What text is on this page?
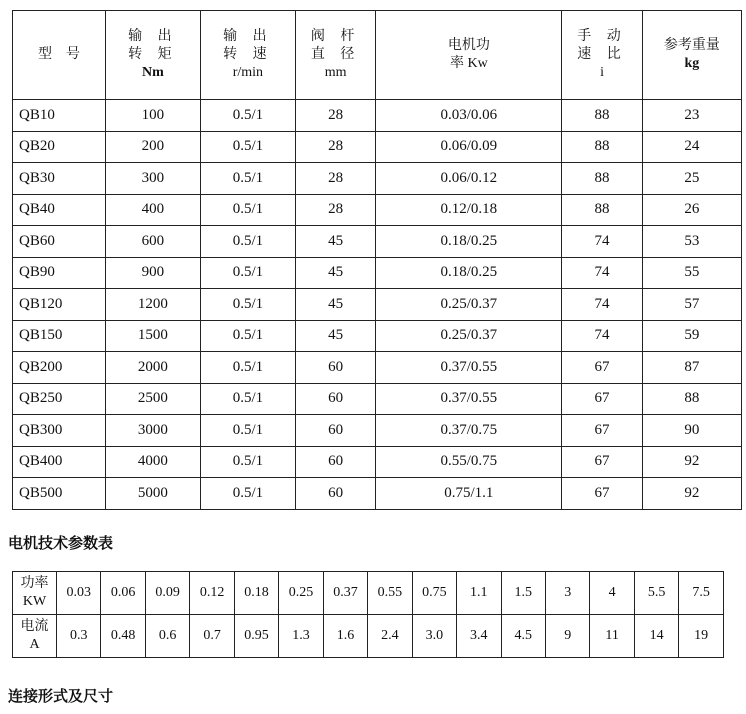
型　号	输 出
转 矩
Nm	输 出
转 速
r/min	阀 杆
直 径
mm	电机功
率 Kw	手 动
速 比
i	参考重量
kg

QB10	100	0.5/1	28	0.03/0.06	88	23
QB20	200	0.5/1	28	0.06/0.09	88	24
QB30	300	0.5/1	28	0.06/0.12	88	25
QB40	400	0.5/1	28	0.12/0.18	88	26
QB60	600	0.5/1	45	0.18/0.25	74	53
QB90	900	0.5/1	45	0.18/0.25	74	55
QB120	1200	0.5/1	45	0.25/0.37	74	57
QB150	1500	0.5/1	45	0.25/0.37	74	59
QB200	2000	0.5/1	60	0.37/0.55	67	87
QB250	2500	0.5/1	60	0.37/0.55	67	88
QB300	3000	0.5/1	60	0.37/0.75	67	90
QB400	4000	0.5/1	60	0.55/0.75	67	92
QB500	5000	0.5/1	60	0.75/1.1	67	92
电机技术参数表
功率
KW	0.03	0.06	0.09	0.12	0.18	0.25	0.37	0.55	0.75	1.1	1.5	3	4	5.5	7.5

电流
A	0.3	0.48	0.6	0.7	0.95	1.3	1.6	2.4	3.0	3.4	4.5	9	11	14	19
连接形式及尺寸
